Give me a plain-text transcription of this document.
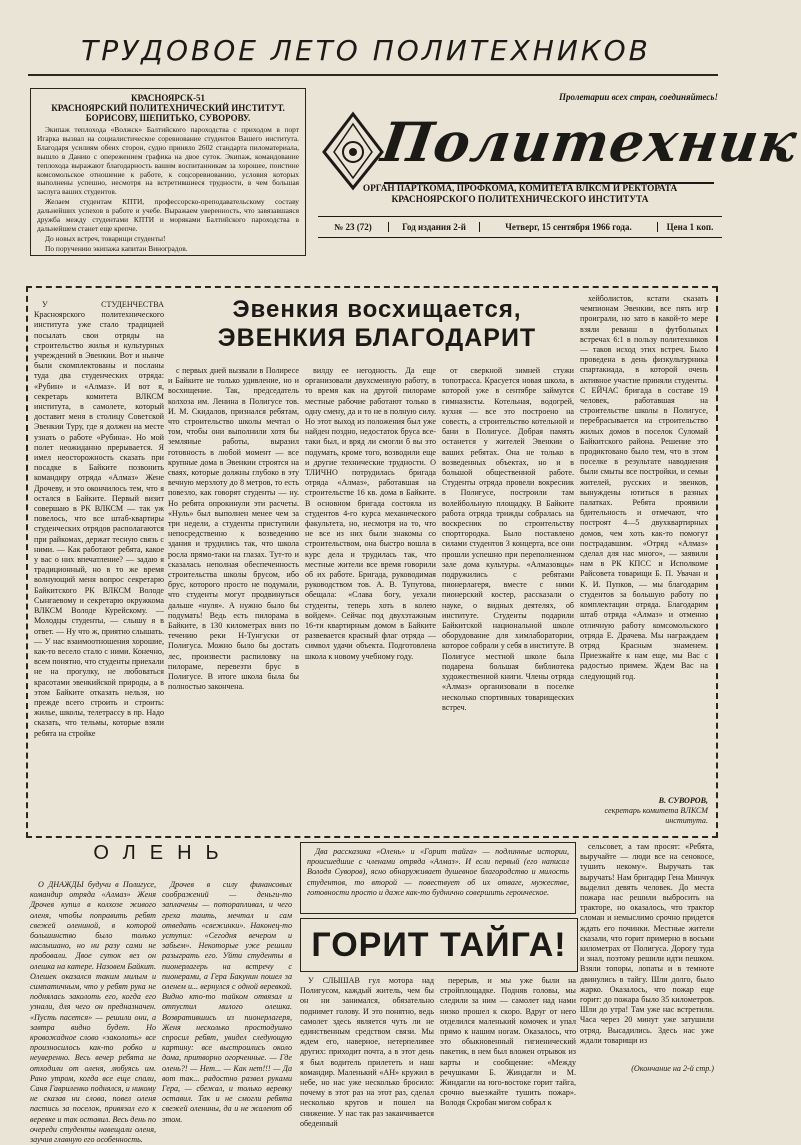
ТРУДОВОЕ ЛЕТО ПОЛИТЕХНИКОВ
КРАСНОЯРСК-51
КРАСНОЯРСКИЙ ПОЛИТЕХНИЧЕСКИЙ ИНСТИТУТ.
БОРИСОВУ, ШЕПИТЬКО, СУВОРОВУ.

Экипаж теплохода «Волжск» Балтийского пароходства с приходом в порт Игарка вызвал на социалистическое соревнование студентов Вашего института. Благодаря усилиям обеих сторон, судно приняло 2602 стандарта пиломатериала, вышло в Данию с опережением графика на двое суток. Экипаж, командование теплохода выражают благодарность вашим воспитанникам за хорошее, поистине комсомольское отношение к работе, к соцсоревнованию, условия которых выполнены успешно, несмотря на встретившиеся трудности, в чем большая заслуга ваших студентов.

Желаем студентам КПТИ, профессорско-преподавательскому составу дальнейших успехов в работе и учебе. Выражаем уверенность, что завязавшаяся дружба между студентами КПТИ и моряками Балтийского пароходства в дальнейшем станет еще крепче.

До новых встреч, товарищи студенты!

По поручению экипажа капитан Виноградов.

Пролетарии всех стран, соединяйтесь!
Политехник
ОРГАН ПАРТКОМА, ПРОФКОМА, КОМИТЕТА ВЛКСМ И РЕКТОРАТА КРАСНОЯРСКОГО ПОЛИТЕХНИЧЕСКОГО ИНСТИТУТА
№ 23 (72)	Год издания 2-й	Четверг, 15 сентября 1966 года.	Цена 1 коп.
Эвенкия восхищается,
ЭВЕНКИЯ БЛАГОДАРИТ

У СТУДЕНЧЕСТВА Красноярского политехнического института уже стало традицией посылать свои отряды на строительство жилья и культурных учреждений в Эвенкии. Вот и нынче были скомплектованы и посланы туда два студенческих отряда: «Рубин» и «Алмаз». И вот я, секретарь комитета ВЛКСМ института, в самолете, который доставит меня в столицу Советской Эвенкии Туру, где я должен на месте узнать о работе «Рубина». Но мой полет неожиданно прерывается. Я имел неосторожность сказать при посадке в Байките позвонить командиру отряда «Алмаз» Жене Дрочеву, и это окончилось тем, что я остался в Байките. Первый визит совершаю в РК ВЛКСМ — так уж повелось, что все штаб-квартиры студенческих отрядов располагаются при райкомах, держат тесную связь с ними. — Как работают ребята, какое у вас о них впечатление? — задаю я традиционный, но в то же время волнующий меня вопрос секретарю Байкитского РК ВЛКСМ Володе Сынгаевому и секретарю окружкома ВЛКСМ Володе Курейскому. — Молодцы студенты, — слышу я в ответ. — Ну что ж, приятно слышать. — У нас взаимоотношения хорошие, как-то весело стало с ними. Конечно, всем понятно, что студенты приехали не на прогулку, не любоваться красотами эвенкийской природы, а в этом Байките отказать нельзя, но прежде всего строить и строить: жилье, школы, телетрассу в пр. Надо сказать, что тельмы, которые взяли ребята на стройке

с первых дней вызвали в Полиресе и Байките не только удивление, но и восхищение. Так, председатель колхоза им. Ленина в Полигусе тов. И. М. Скидалов, признался ребятам, что строительство школы мечтал о том, чтобы они выполнили хотя бы земляные работы, выразил готовность в любой момент — все крупные дома в Эвенкии строятся на сваях, которые должны глубоко в эту вечную мерзлоту до 8 метров, то есть повезло, как говорят студенты — ну. Но ребята опрокинули эти расчеты. «Нуль» был выполнен менее чем за три недели, а студенты приступили непосредственно к возведению здания и трудились так, что школа росла прямо-таки на глазах. Тут-то и сказалась неполная обеспеченность строительства школы брусом, ибо брус, которого просто не подумали, что студенты могут продвинуться дальше «нуля». А нужно было бы подумать! Ведь есть пилорама в Байките, в 130 километрах вниз по течению реки Н-Тунгуски от Полигуса. Можно было бы достать лес, произвести распиловку на пилораме, перевезти брус в Полигусе. В итоге школа была бы полностью закончена.

вилду ее негодность. Да еще организовали двухсменную работу, в то время как на другой пилораме местные рабочие работают только в одну смену, да и то не в полную силу. Но этот выход из положения был уже найден поздно, недостаток бруса все-таки был, и вряд ли смогли б вы это подумать, кроме того, возводили еще и другие технические трудности. О ТЛИЧНО потрудилась бригада отряда «Алмаз», работавшая на строительстве 16 кв. дома в Байките. В основном бригада состояла из студентов 4-го курса механического факультета, но, несмотря на то, что не все из них были знакомы со строительством, она быстро вошла в курс дела и трудилась так, что местные жители все время говорили об их работе. Бригада, руководимая руководством тов. А. В. Тупутова, обещала: «Слава богу, уехали студенты, теперь хоть в колею войдем». Сейчас под двухэтажным 16-ти квартирным домом в Байките развевается красный флаг отряда — символ удачи объекта. Подготовлена школа к новому учебному году.

от сверкной зимней стужи топотрасса. Красуется новая школа, в которой уже в сентябре займутся гимназисты. Котельная, водогрей, кухня — все это построено на совесть, а строительство котельной и бани в Полигусе. Добрая память останется у жителей Эвенкии о ваших ребятах. Она не только в возведенных объектах, но и в большой общественной работе. Студенты отряда провели вокресник в Полигусе, построили там волейбольную площадку. В Байките работа отряда трижды собралась на воскресник по строительству спортгородка. Было поставлено силами студентов 3 концерта, все они прошли успешно при переполненном зале дома культуры. «Алмазовцы» подружились с ребятами пионерлагеря, вместе с ними пионерский костер, рассказали о науке, о видных деятелях, об институте. Студенты подарили Байкитской национальной школе оборудование для химлаборатории, которое собрали у себя в институте. В Полигусе местной школе была подарена большая библиотека художественной книги. Члены отряда «Алмаз» организовали в поселке несколько спортивных товарищеских встреч.

хейболистов, кстати сказать чемпионам Эвенкии, все пять игр проиграли, но зато в какой-то мере взяли реванш в футбольных встречах 6:1 в пользу политехников — таков исход этих встреч. Было проведена в день физкультурника спартакиада, в которой очень активное участие приняли студенты. С ЕЙЧАС бригада в составе 19 человек, работавшая на строительстве школы в Полигусе, перебрасывается на строительство жилых домов в поселок Суломай Байкитского района. Решение это продиктовано было тем, что в этом поселке в результате наводнения были смыты все постройки, и семьи жителей, русских и эвенков, вынуждены ютиться в разных палатках. Ребята проявили бдительность и отмечают, что построят 4—5 двухквартирных домов, чем хоть как-то помогут пострадавшим. «Отряд «Алмаз» сделал для нас много», — заявили нам в РК КПСС и Исполкоме Райсовета товарищи Б. П. Увачан и К. И. Пупков, — мы благодарим студентов за большую работу по комплектации отряда. Благодарим штаб отряда «Алмаз» и отменно отличную работу комсомольского отряда Е. Драчева. Мы награждаем отряд Красным знаменем. Приезжайте к нам еще, мы Вас с радостью примем. Ждем Вас на следующий год.

В. СУВОРОВ,
секретарь комитета ВЛКСМ института.
ОЛЕНЬ

О ДНАЖДЫ будучи в Полигусе, командир отряда «Алмаз» Женя Дрочев купил в колхозе живого оленя, чтобы поправить ребят свежей олениной, в которой большинство было только наслышано, но ни разу сами не пробовали. Двое суток вез он олешка на катере. Назовем Байкит. Олешек оказался таким милым и симпатичным, что у ребят рука не поднялась заколоть его, когда его узнали, для чего он предназначен. «Пусть пасется» — решили они, а завтра видно будет. Но кровожадное слово «заколоть» все произносилось как-то робко и неуверенно. Весь вечер ребята не отходили от оленя, любуясь им. Рано утром, когда все еще спали, Саня Гавриленко поднялся, и никому не сказав ни слова, повел оленя пастись за поселок, привязал его к веревке и так оставил. Весь день по очереди студенты навещали оленя, заучив главную его особенность.

Дрочев в силу финансовых соображений — деньги-то заплачены — поторапливал, и чего греха таить, мечтал и сам отведать «свежинки». Наконец-то уступил: «Сегодня вечером и забьем». Некоторые уже решили разыграть его. Уйти студенты в пионерлагерь на встречу с пионерами, а Гера Бакунин пошел за оленем и... вернулся с одной веревкой. Видно кто-то тайком отвязал и отпустил милого олешка. Возвратившись из пионерлагеря, Женя несколько простодушно спросил ребят, увидел следующую картину: все выстроились около дома, притворно огорченные. — Где олень?! — Нет... — Как нет!!! — Да вот так... радостно развел руками Гера, — сбежал, и только веревку оставил. Так и не смогли ребята свежей оленины, да и не жалеют об этом.

Два рассказика «Олень» и «Горит тайга» — подлинные истории, происшедшие с членами отряда «Алмаз». И если первый (его написал Володя Суворов), ясно обнаруживает душевное благородство и милость студентов, то второй — повествует об их отваге, мужестве, готовности просто и даже как-то буднично совершить героическое.

ГОРИТ ТАЙГА!

У СЛЫШАВ гул мотора над Полигусом, каждый житель, чем бы он ни занимался, обязательно поднимет голову. И это понятно, ведь самолет здесь является чуть ли не единственным средством связи. Мы ждем его, наверное, нетерпеливее других: приходит почта, а в этот день я был водитель прилететь и наш командир. Маленький «АН» кружил в небе, но нас уже несколько бросило: почему в этот раз на этот раз, сделал несколько кругов и пошел на снижение. У нас так раз заканчивается обеденный

перерыв, и мы уже были на стройплощадке. Подняв головы, мы следили за ним — самолет над нами низко прошел к скоро. Вдруг от него отделился маленький комочек и упал прямо к нашим ногам. Оказалось, что это обыкновенный гигиенический пакетик, в нем был вложен отрывок из карты и сообщение: «Между речушками Б. Жиндагли и М. Жиндагли на юго-востоке горит тайга, срочно выезжайте тушить пожар». Володя Скробан мигом собрал к

сельсовет, а там просят: «Ребята, выручайте — люди все на сенокосе, тушить некому». Выручать так выручать! Нам бригадир Гена Минчук выделил девять человек. До места пожара нас решили выбросить на тракторе, но оказалось, что трактор сломан и немыслимо срочно придется ждать его починки. Местные жители сказали, что горит примерно в восьми километрах от Полигуса. Дорогу туда и знал, поэтому решили идти пешком. Взяли топоры, лопаты и в темноте двинулись в тайгу. Шли долго, было жарко. Оказалось, что пожар еще горит: до пожара было 35 километров. Шли до утра! Там уже нас встретили. Часа через 20 минут уже затушили отряд. Высадились. Здесь нас уже ждали товарищи из

(Окончание на 2-й стр.)
